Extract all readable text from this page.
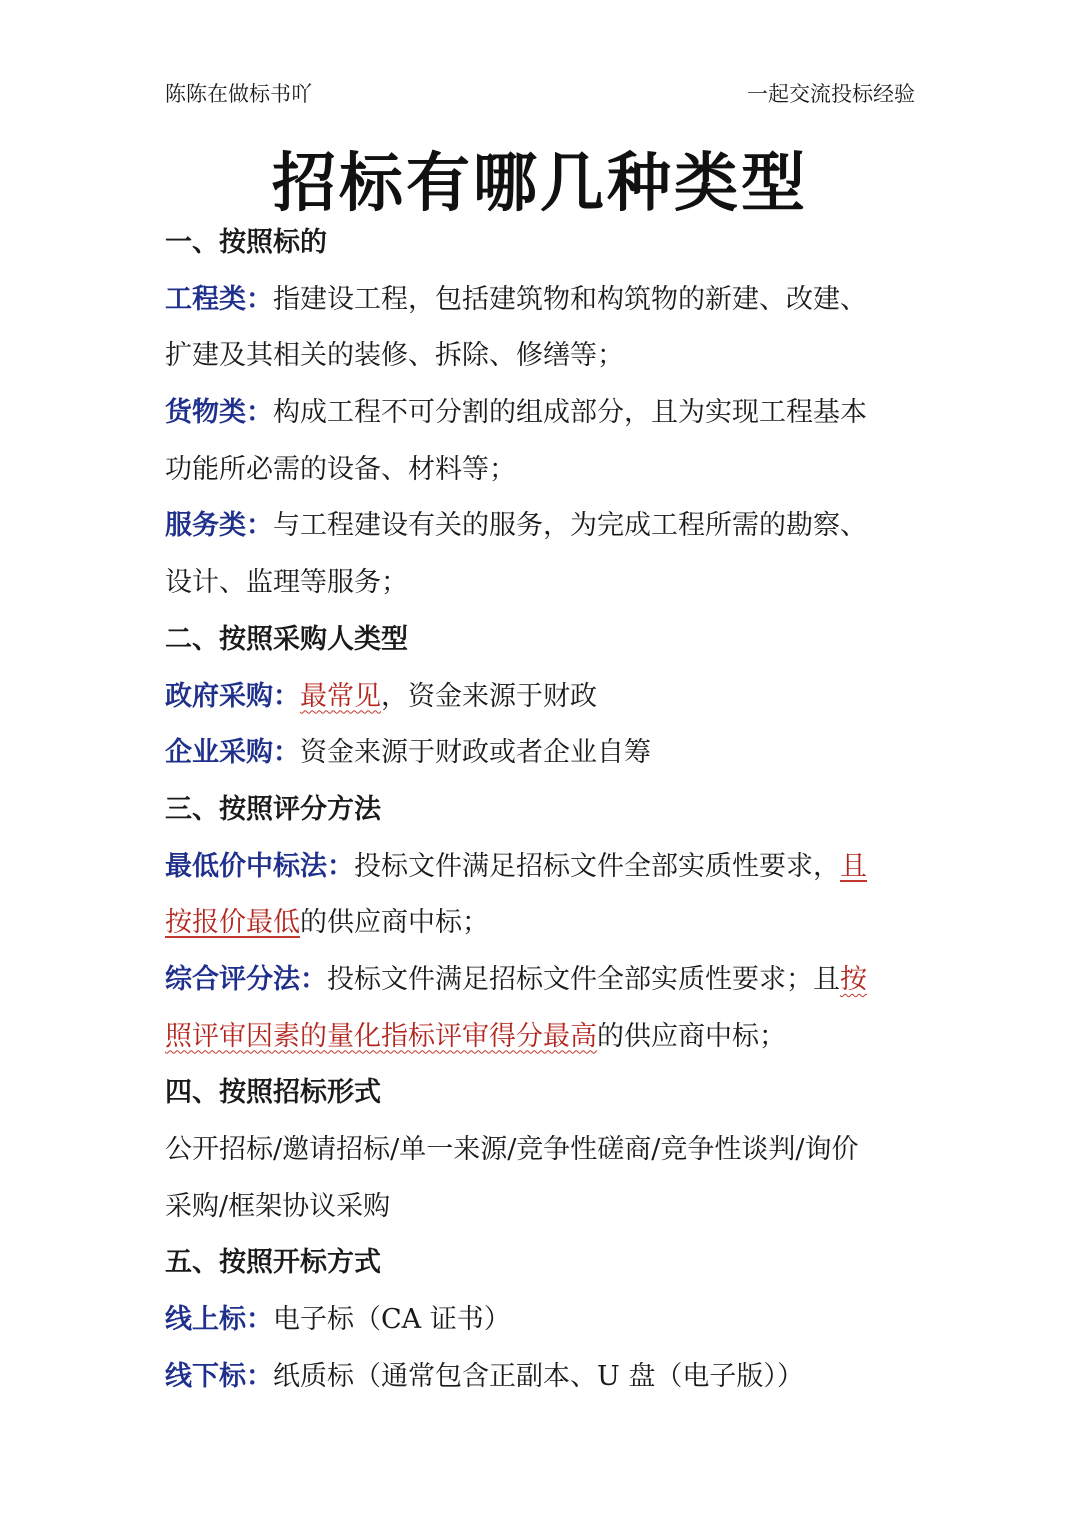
陈陈在做标书吖	一起交流投标经验
招标有哪几种类型
一、按照标的
工程类：指建设工程，包括建筑物和构筑物的新建、改建、
扩建及其相关的装修、拆除、修缮等；
货物类：构成工程不可分割的组成部分，且为实现工程基本
功能所必需的设备、材料等；
服务类：与工程建设有关的服务，为完成工程所需的勘察、
设计、监理等服务；
二、按照采购人类型
政府采购：最常见，资金来源于财政
企业采购：资金来源于财政或者企业自筹
三、按照评分方法
最低价中标法：投标文件满足招标文件全部实质性要求，且
按报价最低的供应商中标；
综合评分法：投标文件满足招标文件全部实质性要求；且按
照评审因素的量化指标评审得分最高的供应商中标；
四、按照招标形式
公开招标/邀请招标/单一来源/竞争性磋商/竞争性谈判/询价
采购/框架协议采购
五、按照开标方式
线上标：电子标（CA 证书）
线下标：纸质标（通常包含正副本、U 盘（电子版））
